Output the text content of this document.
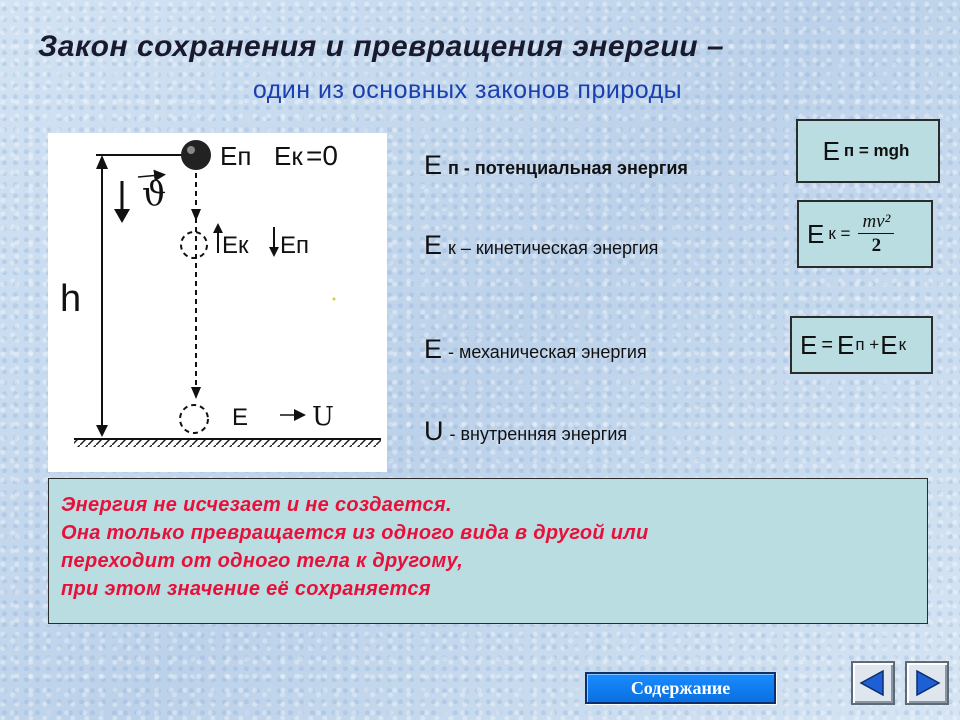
Закон сохранения и превращения энергии –
один из основных законов природы
Еп Ек =0
ϑ
Ек Еп
h
Е U
Еп - потенциальная энергия
Ек – кинетическая энергия
Е - механическая энергия
U - внутренняя энергия
Е п = mgh
Е $к = \frac{\text{mv²}}{2}$
Е = Е п + Е к
Энергия не исчезает и не создается.
Она только превращается из одного вида в другой или
переходит от одного тела к другому,
при этом значение её сохраняется
Содержание
